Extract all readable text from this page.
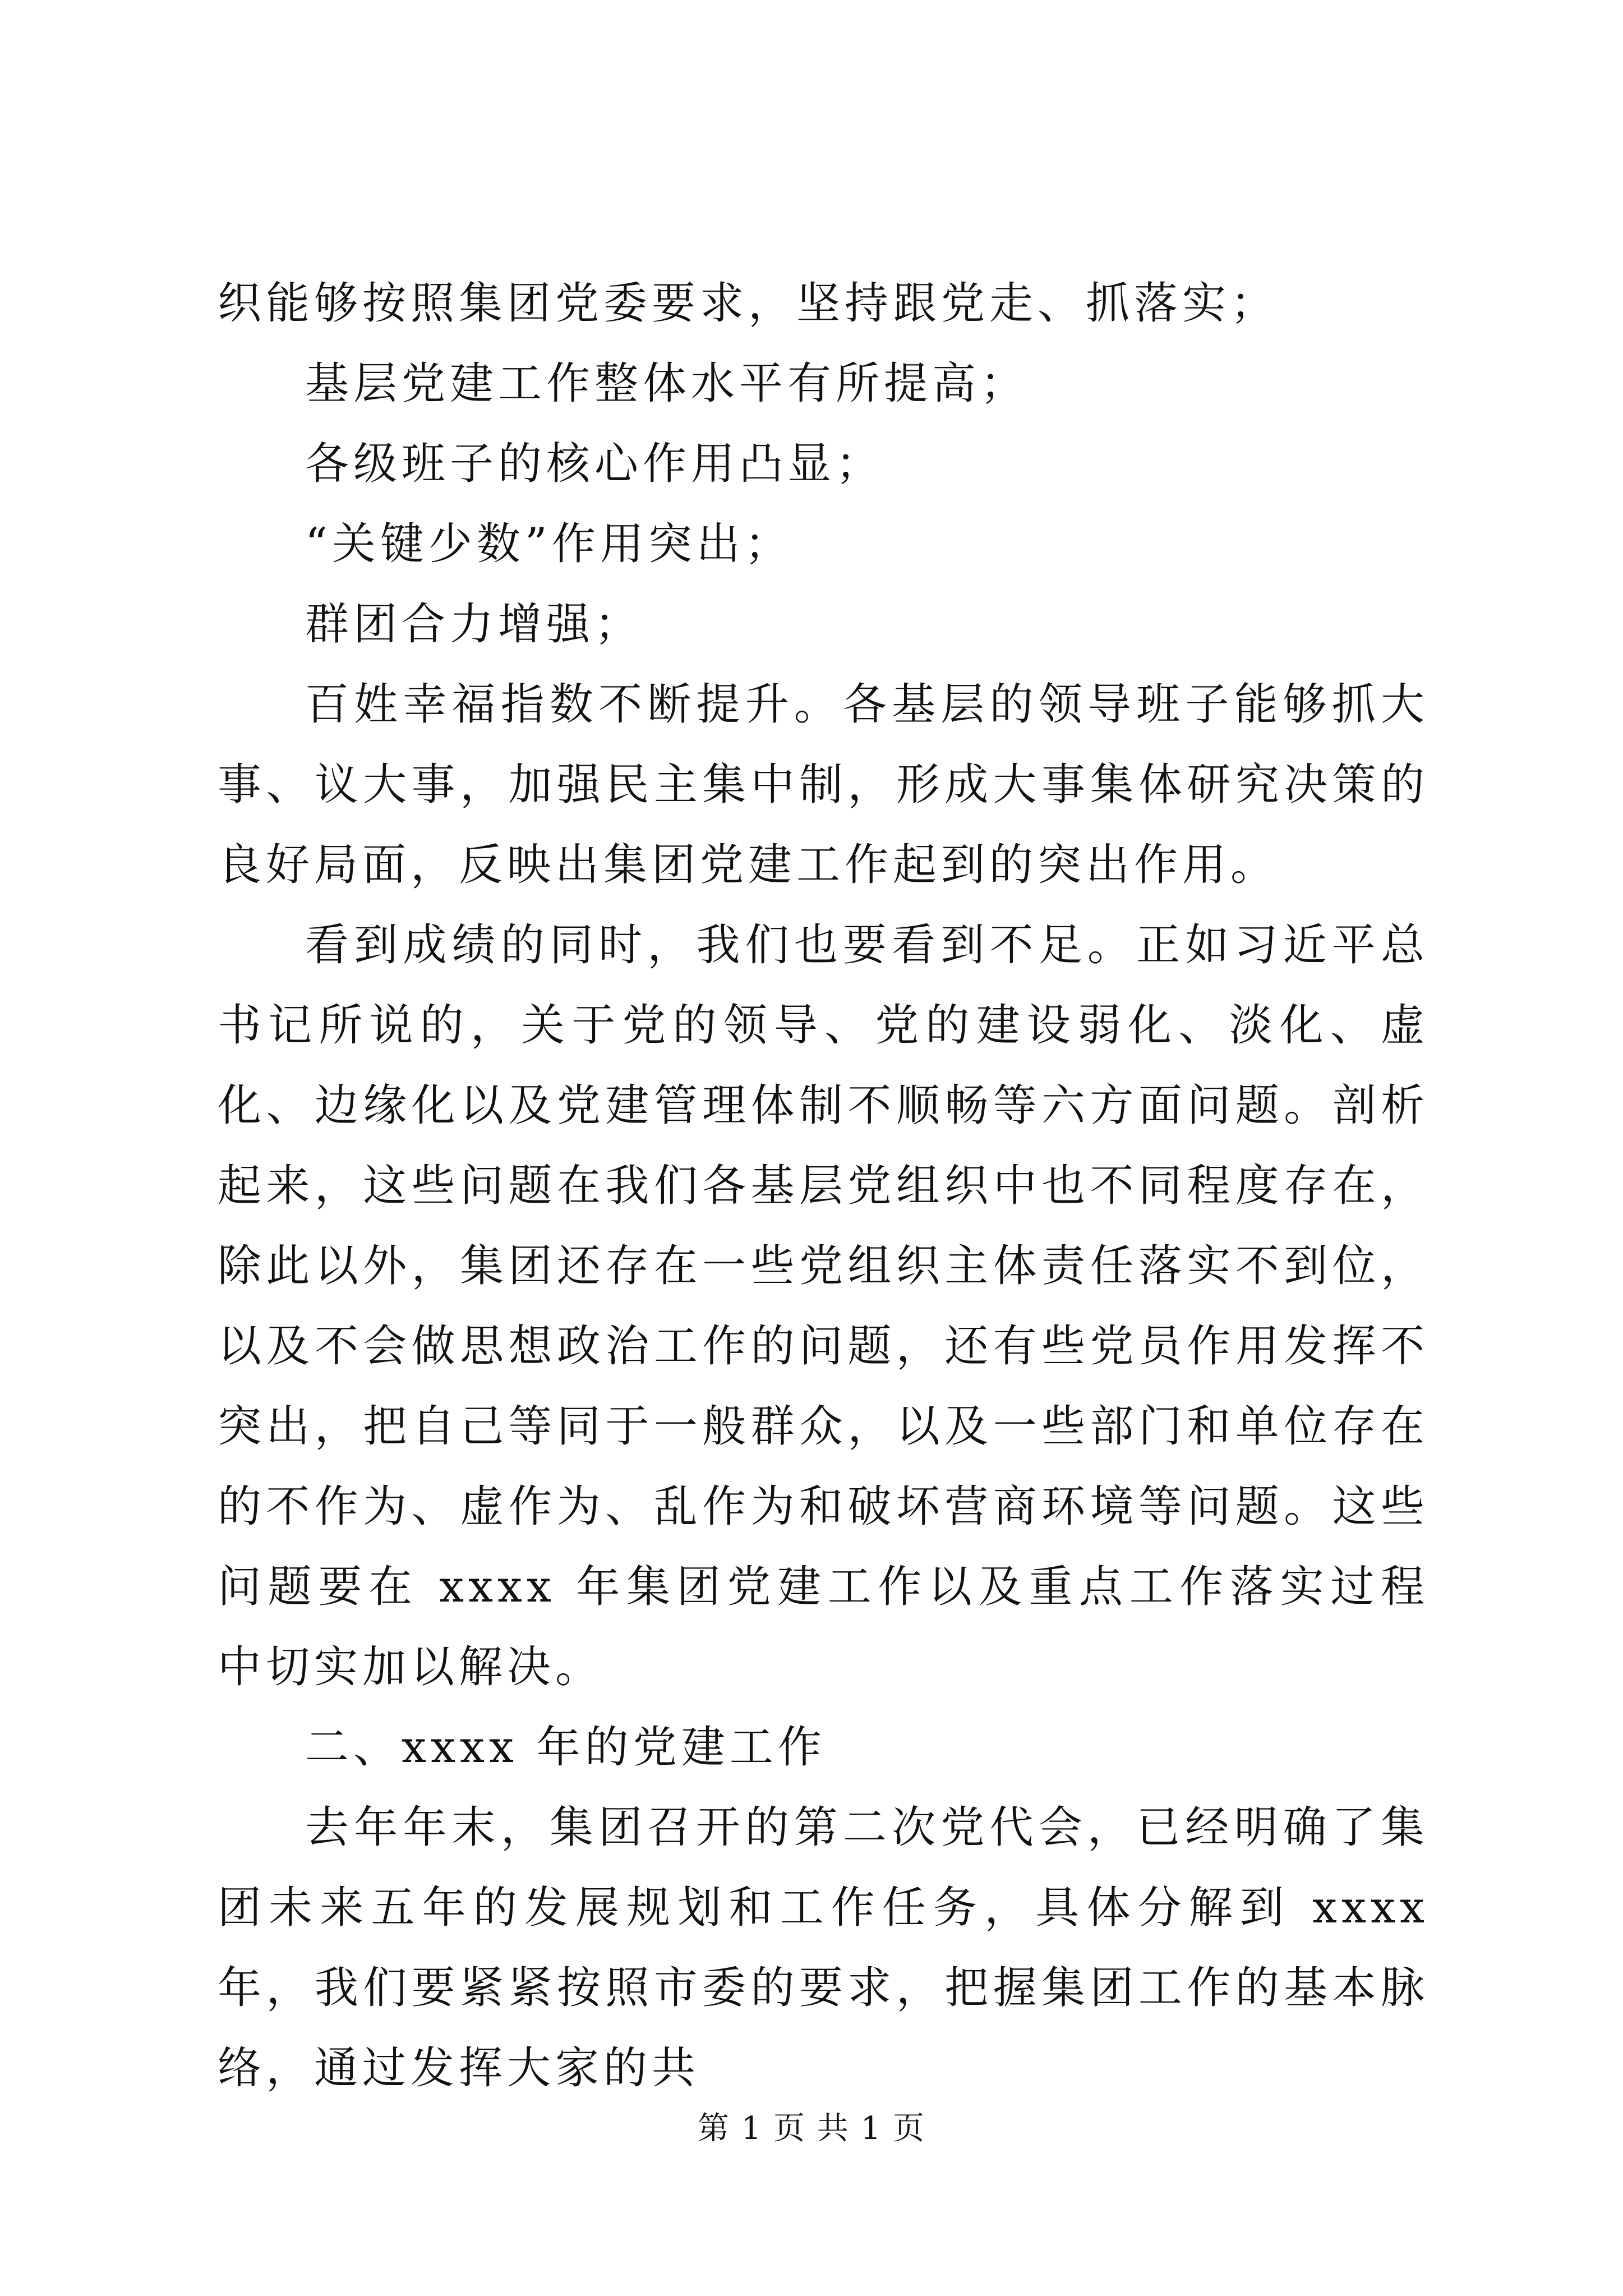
织能够按照集团党委要求，坚持跟党走、抓落实；

基层党建工作整体水平有所提高；

各级班子的核心作用凸显；

“关键少数”作用突出；

群团合力增强；

百姓幸福指数不断提升。各基层的领导班子能够抓大事、议大事，加强民主集中制，形成大事集体研究决策的良好局面，反映出集团党建工作起到的突出作用。

看到成绩的同时，我们也要看到不足。正如习近平总书记所说的，关于党的领导、党的建设弱化、淡化、虚化、边缘化以及党建管理体制不顺畅等六方面问题。剖析起来，这些问题在我们各基层党组织中也不同程度存在，除此以外，集团还存在一些党组织主体责任落实不到位，以及不会做思想政治工作的问题，还有些党员作用发挥不突出，把自己等同于一般群众，以及一些部门和单位存在的不作为、虚作为、乱作为和破坏营商环境等问题。这些问题要在 xxxx 年集团党建工作以及重点工作落实过程中切实加以解决。

二、xxxx 年的党建工作

去年年末，集团召开的第二次党代会，已经明确了集团未来五年的发展规划和工作任务，具体分解到 xxxx 年，我们要紧紧按照市委的要求，把握集团工作的基本脉络，通过发挥大家的共

第 1 页 共 1 页
